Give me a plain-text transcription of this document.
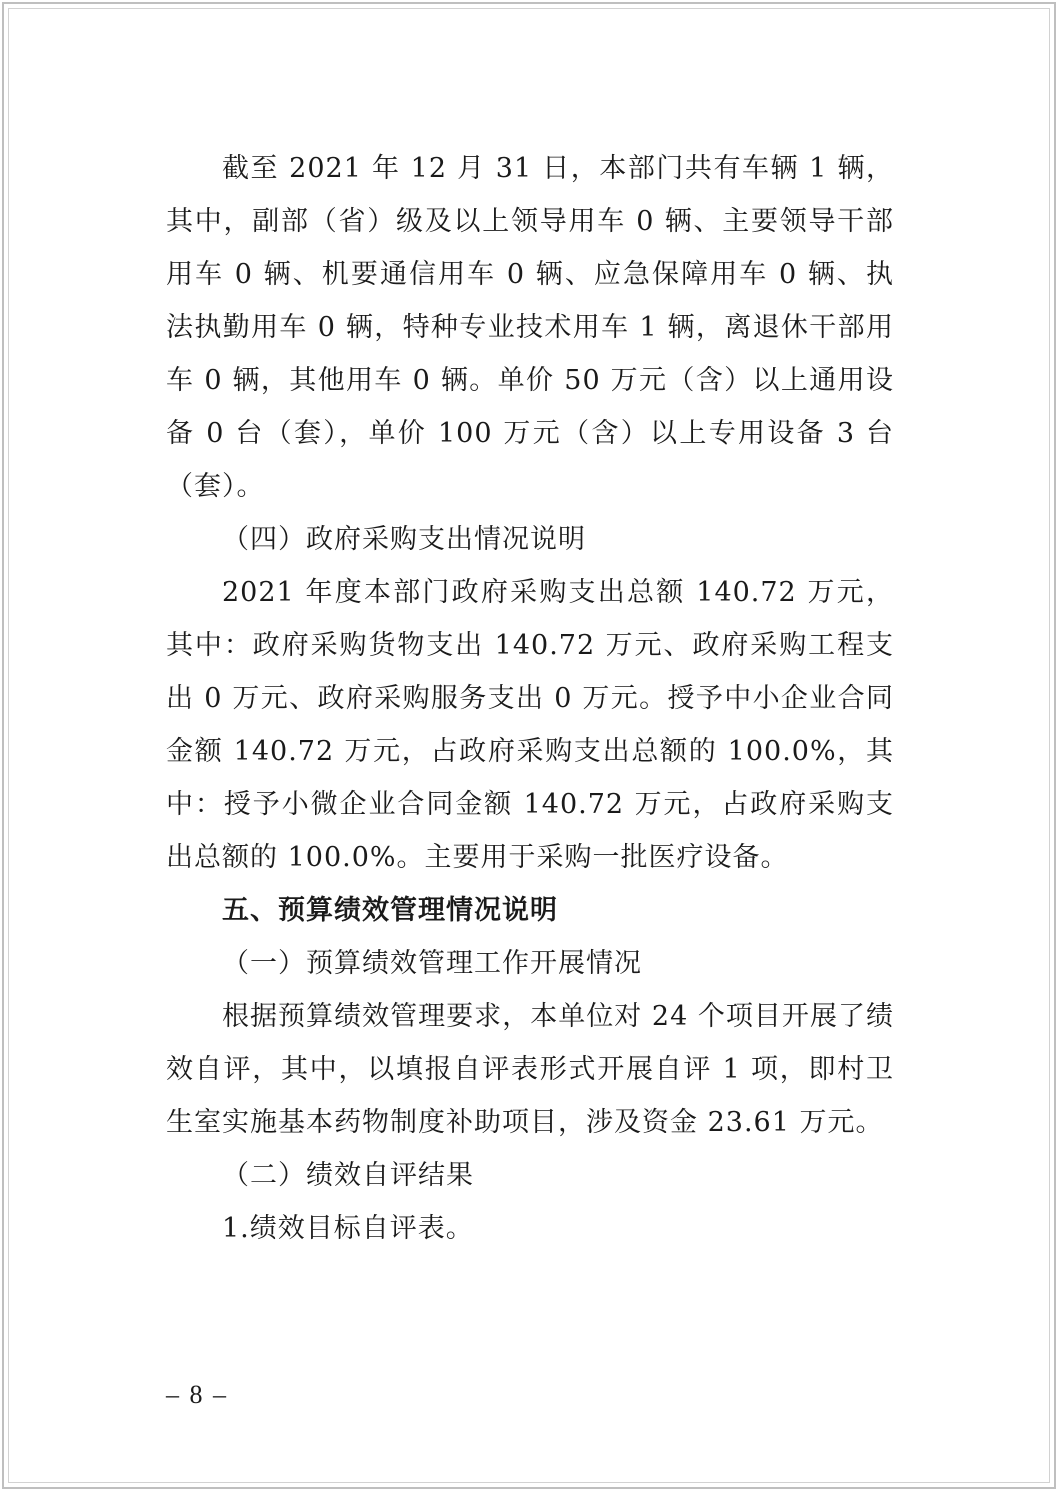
截至 2021 年 12 月 31 日，本部门共有车辆 1 辆，其中，副部（省）级及以上领导用车 0 辆、主要领导干部用车 0 辆、机要通信用车 0 辆、应急保障用车 0 辆、执法执勤用车 0 辆，特种专业技术用车 1 辆，离退休干部用车 0 辆，其他用车 0 辆。单价 50 万元（含）以上通用设备 0 台（套），单价 100 万元（含）以上专用设备 3 台（套）。

（四）政府采购支出情况说明

2021 年度本部门政府采购支出总额 140.72 万元，其中：政府采购货物支出 140.72 万元、政府采购工程支出 0 万元、政府采购服务支出 0 万元。授予中小企业合同金额 140.72 万元，占政府采购支出总额的 100.0%，其中：授予小微企业合同金额 140.72 万元，占政府采购支出总额的 100.0%。主要用于采购一批医疗设备。

五、预算绩效管理情况说明

（一）预算绩效管理工作开展情况

根据预算绩效管理要求，本单位对 24 个项目开展了绩效自评，其中，以填报自评表形式开展自评 1 项，即村卫生室实施基本药物制度补助项目，涉及资金 23.61 万元。

（二）绩效自评结果

1.绩效目标自评表。

– 8 –
